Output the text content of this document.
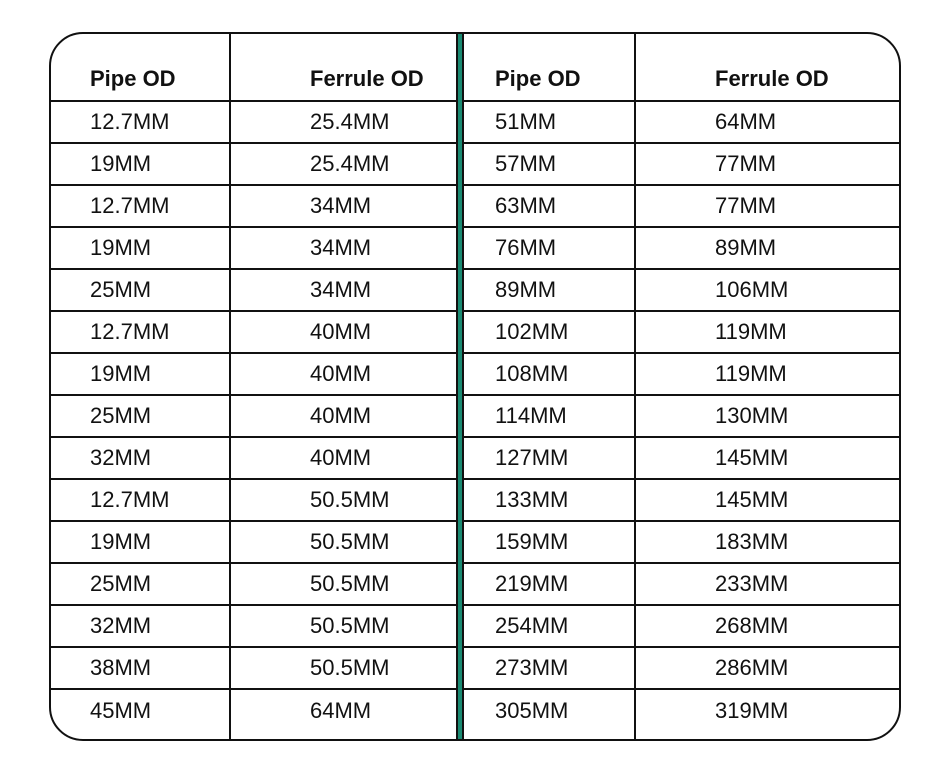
Pipe OD	Ferrule OD	Pipe OD	Ferrule OD
12.7MM	25.4MM	51MM	64MM
19MM	25.4MM	57MM	77MM
12.7MM	34MM	63MM	77MM
19MM	34MM	76MM	89MM
25MM	34MM	89MM	106MM
12.7MM	40MM	102MM	119MM
19MM	40MM	108MM	119MM
25MM	40MM	114MM	130MM
32MM	40MM	127MM	145MM
12.7MM	50.5MM	133MM	145MM
19MM	50.5MM	159MM	183MM
25MM	50.5MM	219MM	233MM
32MM	50.5MM	254MM	268MM
38MM	50.5MM	273MM	286MM
45MM	64MM	305MM	319MM
